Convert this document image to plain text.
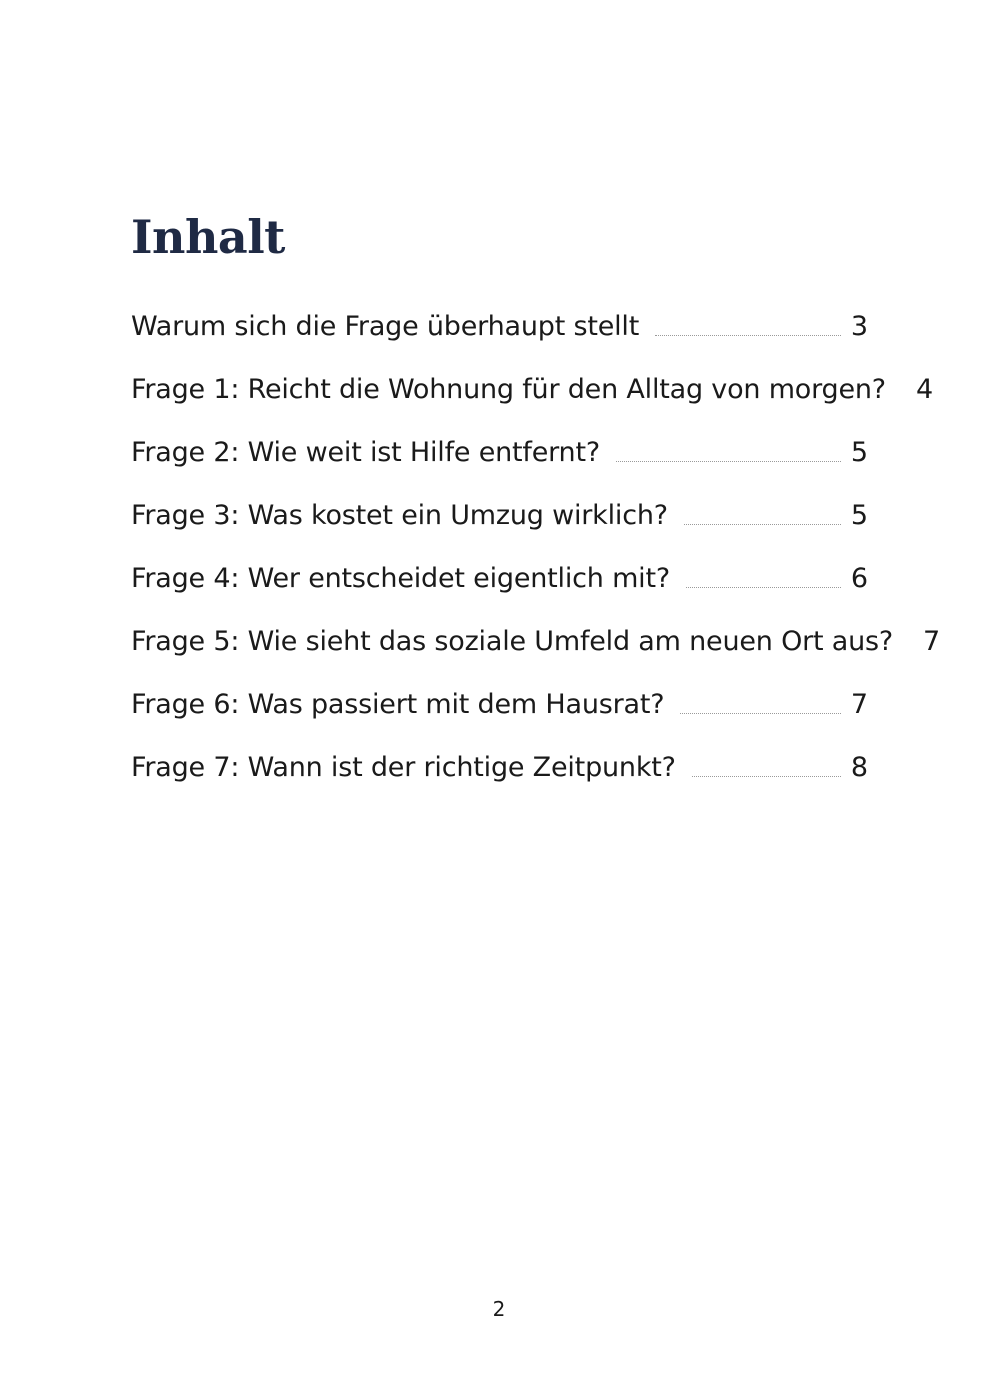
Inhalt
Warum sich die Frage überhaupt stellt	3
Frage 1: Reicht die Wohnung für den Alltag von morgen? 4
Frage 2: Wie weit ist Hilfe entfernt?	5
Frage 3: Was kostet ein Umzug wirklich?	5
Frage 4: Wer entscheidet eigentlich mit?	6
Frage 5: Wie sieht das soziale Umfeld am neuen Ort aus? 7
Frage 6: Was passiert mit dem Hausrat?	7
Frage 7: Wann ist der richtige Zeitpunkt?	8
2
